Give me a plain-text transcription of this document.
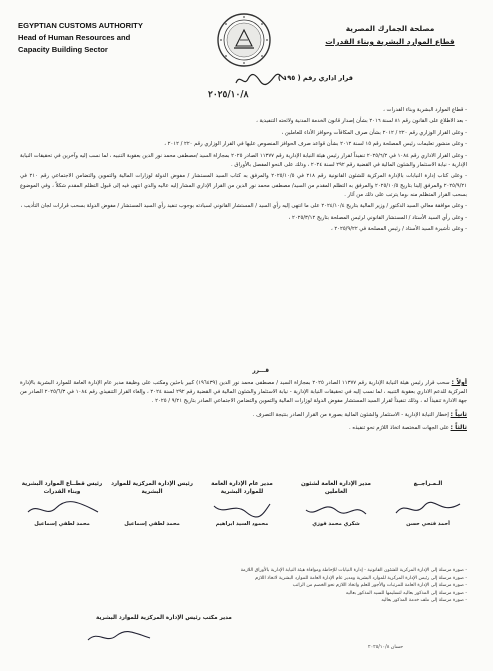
EGYPTIAN CUSTOMS AUTHORITY
Head of Human Resources and
Capacity Building Sector
مصلحة الجمارك المصرية
قطاع الموارد البشرية وبناء القدرات
قرار اداري رقم ( ١٩٥ )
٢٠٢٥/١٠/٨

- قطاع الموارد البشرية وبناء القدرات ،

- بعد الاطلاع على القانون رقم ٨١ لسنة ٢٠١٦ بشأن إصدار قانون الخدمة المدنية ولائحته التنفيذية ،

- وعلى القرار الوزاري رقم ٢٢٠ / ٢٠١٢ بشأن صرف المكافآت وحوافز الأداء للعاملين ،

- وعلى منشور تعليمات رئيس المصلحة رقم ١٥ لسنة ٢٠١٢ بشأن قواعد صرف الحوافز المنصوص عليها في القرار الوزاري رقم ٢٢٠ / ٢٠١٢ ،

- وعلى القرار الاداري رقم ١٠٨٤ في ٢٠٢٥/٦/٢ تنفيذاً لقرار رئيس هيئة النيابة الإدارية رقم ١١٣٧٧ الصادر ٢٠٢٥ بمجازاة السيد /مصطفى محمد نور الدين بعقوبة التنبيه ، لما نسب إليه وآخرين في تحقيقات النيابة الإدارية - نيابة الاستثمار والشئون المالية في القضية رقم ٢٩٢ لسنة ٢٠٢٤ ، وذلك على النحو المفصل بالأوراق .

- وعلى كتاب إدارة النيابات بالإدارة المركزية للشئون القانونية رقم ٢١٨ في ٢٠٢٥/١٠/٥ والمرفق به كتاب السيد المستشار / مفوض الدولة لوزارات المالية والتموين والتضامن الاجتماعي رقم ٢١٠ في ٢٠٢٥/٩/٢١ والمرفق إلينا بتاريخ ٢٠٢٥/١٠/٥ والمرفق به التظلم المقدم من السيد/ مصطفى محمد نور الدين من القرار الإداري المشار إليه عاليه والذي انتهى فيه إلى قبول التظلم المقدم شكلاً ، وفي الموضوع بسحب القرار المتظلم منه ،وما يترتب على ذلك من آثار .

- وعلى موافقة معالي السيد الدكتور / وزير المالية بتاريخ ٢٠٢٤/١٠/٤ على ما انتهى إليه رأي السيد / المستشار القانوني لسيادته بوجوب تنفيذ رأي السيد المستشار / مفوض الدولة بسحب قرارات لجان التأديب ،

- وعلى رأي السيد الأستاذ / المستشار القانوني لرئيس المصلحة بتاريخ ٢٠٢٥/٣/١٢ ،

- وعلى تأشيرة السيد الأستاذ / رئيس المصلحة في ٢٠٢٥/٩/٢٢ ،

قـــرر

أولاً : سحب قرار رئيس هيئة النيابة الإدارية رقم ١١٣٧٧ الصادر ٢٠٢٥ بمجازاة السيد / مصطفى محمد نور الدين (١٩٦٤٣٩) كبير باحثين ومكتب على وظيفة مدير عام الإدارة العامة للموارد البشرية بالإدارة المركزية للدعم الاداري بعقوبة التنبيه ، لما نسب إليه في تحقيقات النيابة الإدارية - نيابة الاستثمار والشئون المالية في القضية رقم ٢٩٢ لسنة ٢٠٢٤ ، وإلغاء القرار التنفيذي رقم ١٠٨٤ في ٢٠٢٥/٦/٣ الصادر من جهة الادارة تنفيذاً له ، وذلك تنفيذاً لقرار السيد المستشار مفوض الدولة لوزارات المالية والتموين والتضامن الاجتماعي الصادر بتاريخ ٩/٢١ / ٢٠٢٥ .

ثانياً : إخطار النيابة الإدارية - الاستثمار والشئون المالية بصورة من القرار الصادر بنتيجة التصرف .

ثالثاً : على الجهات المختصة اتخاذ اللازم نحو تنفيذه .

الـمـراجــع
أحمد فتحي حسن
مدير الإدارة العامة لشئون العاملين
شكري محمد فوزي
مدير عام الإدارة العامة للموارد البشرية
محمود السيد ابراهيم
رئيس الإدارة المركزية للموارد البشرية
محمد لطفي إسماعيل
رئيس قطــاع الموارد البشرية وبناء القدرات
محمد لطفي إسماعيل

- صورة مرسلة إلى الإدارة المركزية للشئون القانونية - إدارة النيابات للإحاطة وموافاة هيئة النيابة الإدارية بالأوراق اللازمة

- صورة مرسلة إلى رئيس الإدارة المركزية للموارد البشرية ومدير عام الإدارة العامة للموارد البشرية لاتخاذ اللازم

- صورة مرسلة إلى الإدارة العامة للمرتبات والأجور للعلم واتخاذ اللازم نحو الخصم من الراتب

- صورة مرسلة إلى المذكور بعاليه لتسليمها للسيد المذكور بعاليه

- صورة مرسلة إلى ملف خدمة المذكور بعاليه

مدير مكتب رئيس الإدارة المركزية للموارد البشرية
حسان ٢٠٢٥/١٠/٨
